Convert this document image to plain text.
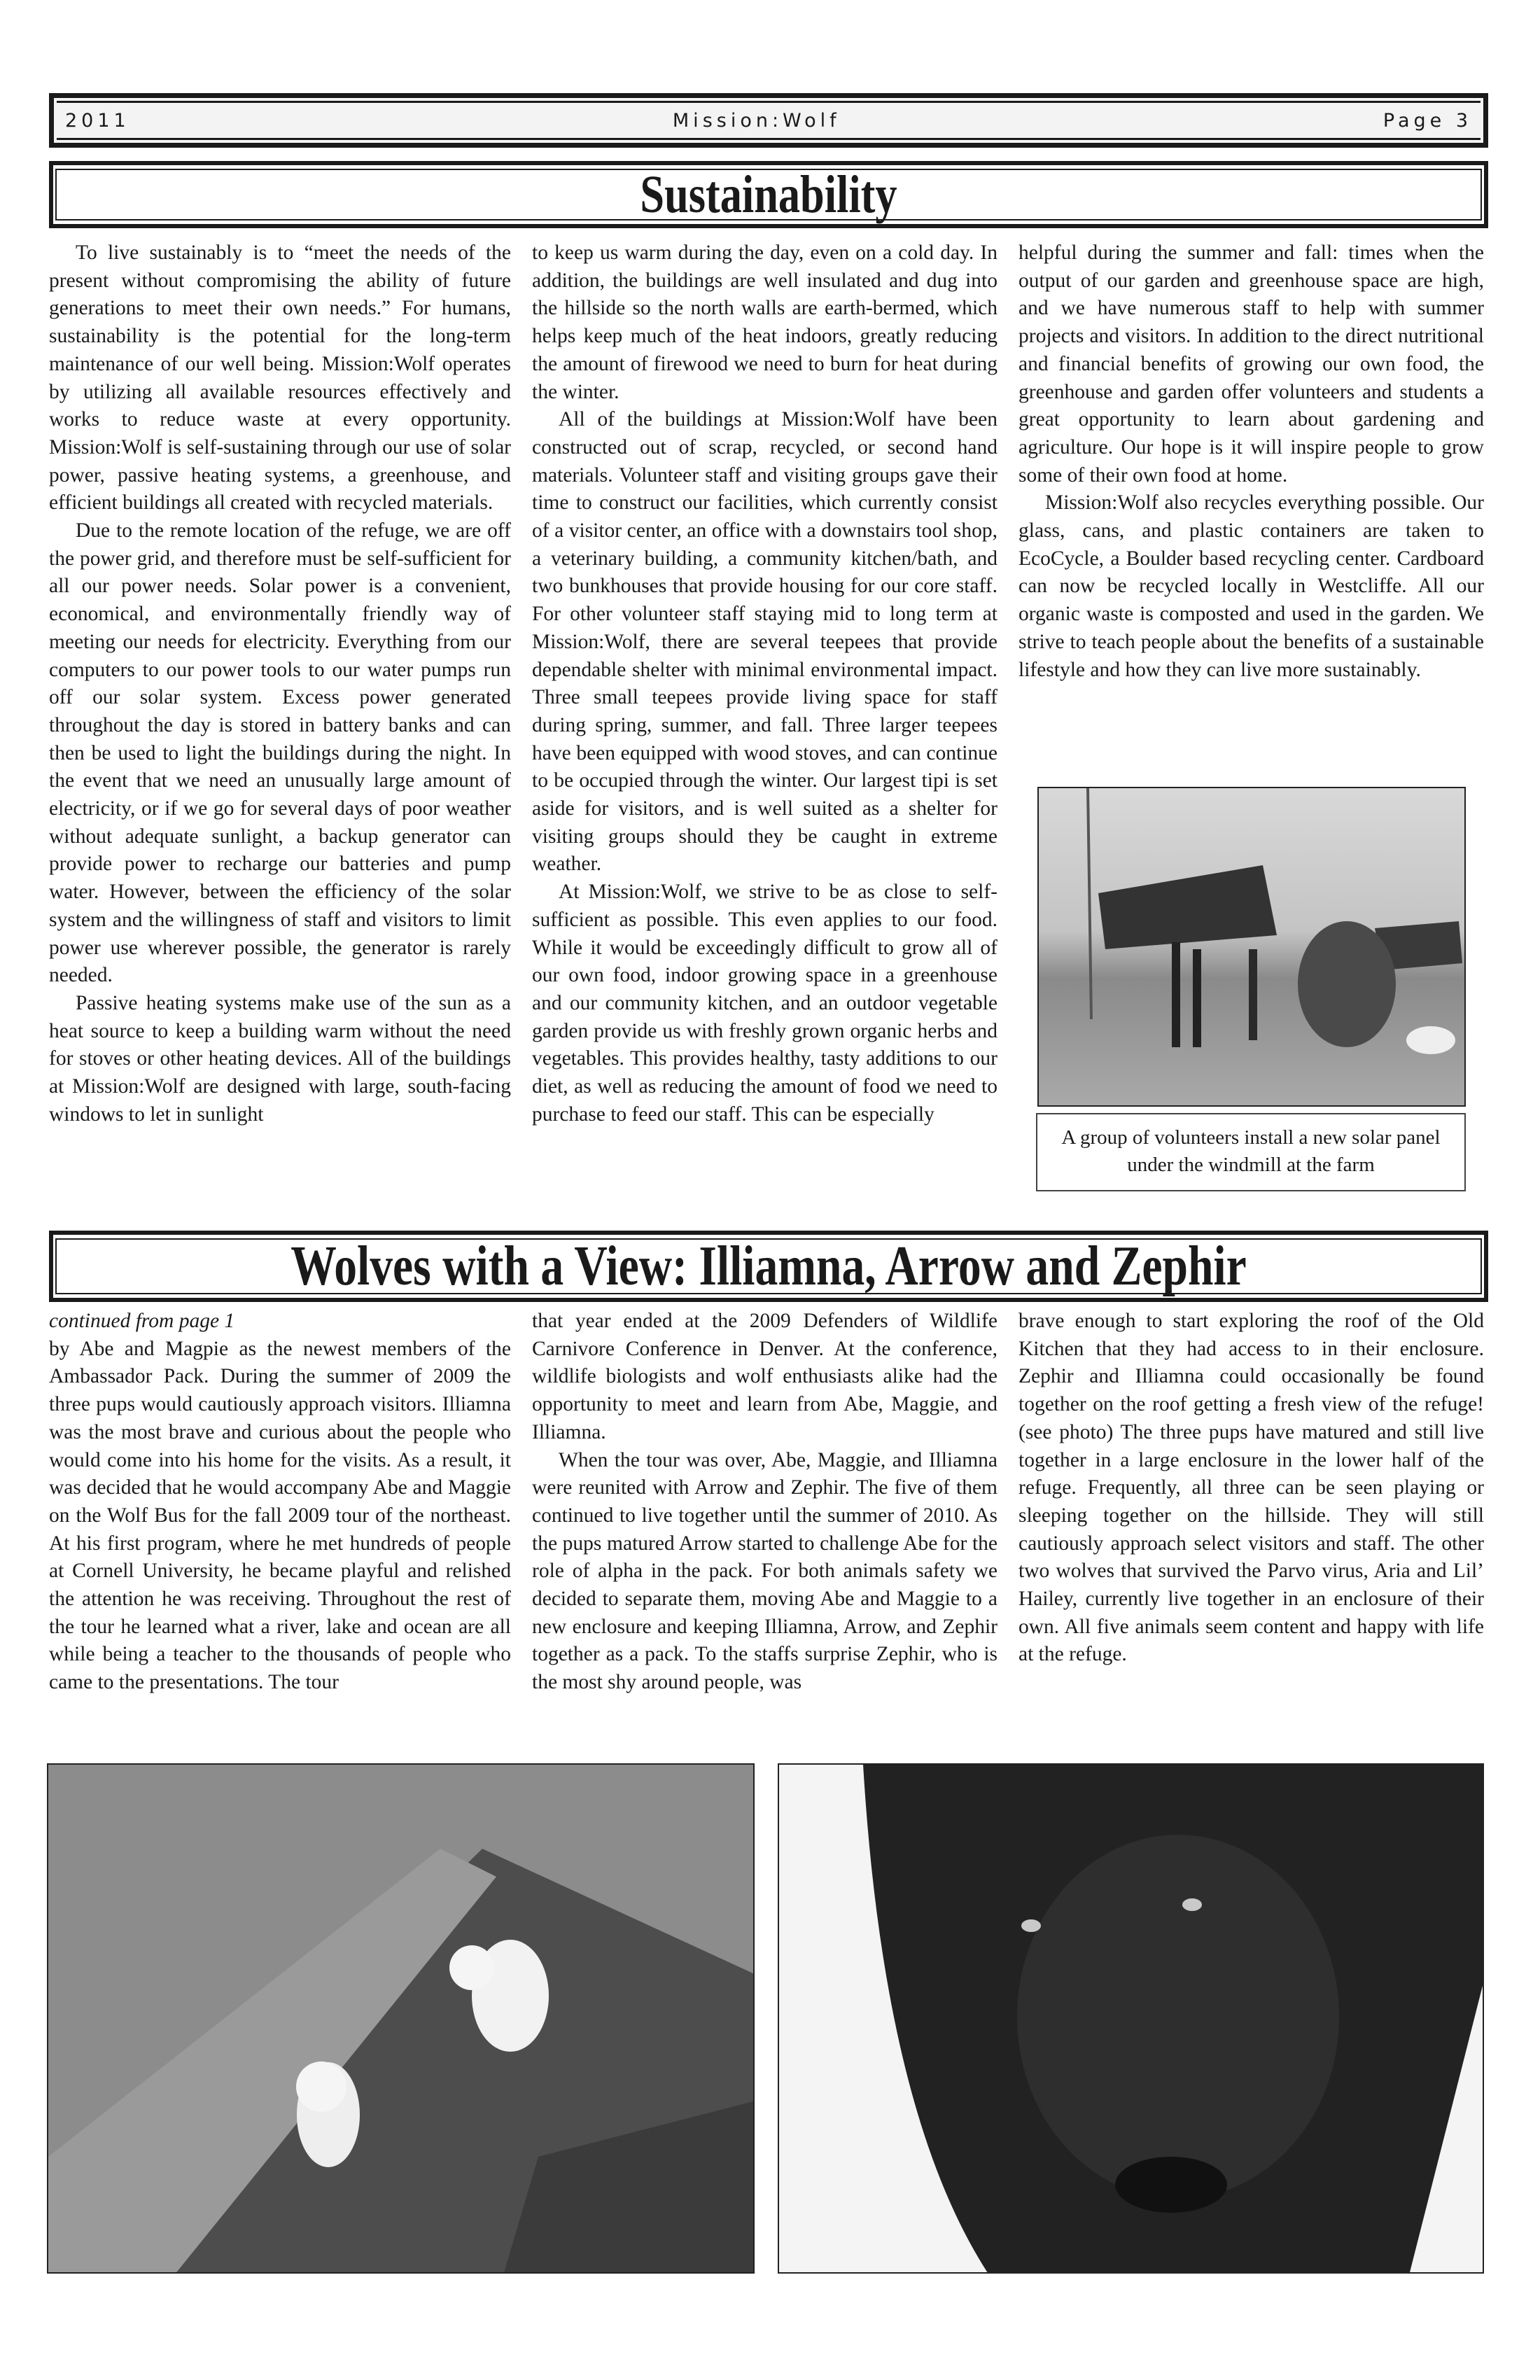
2011	Mission:Wolf	Page 3
Sustainability

To live sustainably is to “meet the needs of the present without compromising the ability of future generations to meet their own needs.” For humans, sustainability is the potential for the long-term maintenance of our well being. Mission:Wolf operates by utilizing all available resources effectively and works to reduce waste at every opportunity. Mission:Wolf is self-sustaining through our use of solar power, passive heating systems, a greenhouse, and efficient buildings all created with recycled materials.

Due to the remote location of the refuge, we are off the power grid, and therefore must be self-sufficient for all our power needs. Solar power is a convenient, economical, and environmentally friendly way of meeting our needs for electricity. Everything from our computers to our power tools to our water pumps run off our solar system. Excess power generated throughout the day is stored in battery banks and can then be used to light the buildings during the night. In the event that we need an unusually large amount of electricity, or if we go for several days of poor weather without adequate sunlight, a backup generator can provide power to recharge our batteries and pump water. However, between the efficiency of the solar system and the willingness of staff and visitors to limit power use wherever possible, the generator is rarely needed.

Passive heating systems make use of the sun as a heat source to keep a building warm without the need for stoves or other heating devices. All of the buildings at Mission:Wolf are designed with large, south-facing windows to let in sunlight

to keep us warm during the day, even on a cold day. In addition, the buildings are well insulated and dug into the hillside so the north walls are earth-bermed, which helps keep much of the heat indoors, greatly reducing the amount of firewood we need to burn for heat during the winter.

All of the buildings at Mission:Wolf have been constructed out of scrap, recycled, or second hand materials. Volunteer staff and visiting groups gave their time to construct our facilities, which currently consist of a visitor center, an office with a downstairs tool shop, a veterinary building, a community kitchen/bath, and two bunkhouses that provide housing for our core staff. For other volunteer staff staying mid to long term at Mission:Wolf, there are several teepees that provide dependable shelter with minimal environmental impact. Three small teepees provide living space for staff during spring, summer, and fall. Three larger teepees have been equipped with wood stoves, and can continue to be occupied through the winter. Our largest tipi is set aside for visitors, and is well suited as a shelter for visiting groups should they be caught in extreme weather.

At Mission:Wolf, we strive to be as close to self-sufficient as possible. This even applies to our food. While it would be exceedingly difficult to grow all of our own food, indoor growing space in a greenhouse and our community kitchen, and an outdoor vegetable garden provide us with freshly grown organic herbs and vegetables. This provides healthy, tasty additions to our diet, as well as reducing the amount of food we need to purchase to feed our staff. This can be especially

helpful during the summer and fall: times when the output of our garden and greenhouse space are high, and we have numerous staff to help with summer projects and visitors. In addition to the direct nutritional and financial benefits of growing our own food, the greenhouse and garden offer volunteers and students a great opportunity to learn about gardening and agriculture. Our hope is it will inspire people to grow some of their own food at home.

Mission:Wolf also recycles everything possible. Our glass, cans, and plastic containers are taken to EcoCycle, a Boulder based recycling center. Cardboard can now be recycled locally in Westcliffe. All our organic waste is composted and used in the garden. We strive to teach people about the benefits of a sustainable lifestyle and how they can live more sustainably.

A group of volunteers install a new solar panel under the windmill at the farm
Wolves with a View: Illiamna, Arrow and Zephir

continued from page 1

by Abe and Magpie as the newest members of the Ambassador Pack. During the summer of 2009 the three pups would cautiously approach visitors. Illiamna was the most brave and curious about the people who would come into his home for the visits. As a result, it was decided that he would accompany Abe and Maggie on the Wolf Bus for the fall 2009 tour of the northeast. At his first program, where he met hundreds of people at Cornell University, he became playful and relished the attention he was receiving. Throughout the rest of the tour he learned what a river, lake and ocean are all while being a teacher to the thousands of people who came to the presentations. The tour

that year ended at the 2009 Defenders of Wildlife Carnivore Conference in Denver. At the conference, wildlife biologists and wolf enthusiasts alike had the opportunity to meet and learn from Abe, Maggie, and Illiamna.

When the tour was over, Abe, Maggie, and Illiamna were reunited with Arrow and Zephir. The five of them continued to live together until the summer of 2010. As the pups matured Arrow started to challenge Abe for the role of alpha in the pack. For both animals safety we decided to separate them, moving Abe and Maggie to a new enclosure and keeping Illiamna, Arrow, and Zephir together as a pack. To the staffs surprise Zephir, who is the most shy around people, was

brave enough to start exploring the roof of the Old Kitchen that they had access to in their enclosure. Zephir and Illiamna could occasionally be found together on the roof getting a fresh view of the refuge! (see photo) The three pups have matured and still live together in a large enclosure in the lower half of the refuge. Frequently, all three can be seen playing or sleeping together on the hillside. They will still cautiously approach select visitors and staff. The other two wolves that survived the Parvo virus, Aria and Lil’ Hailey, currently live together in an enclosure of their own. All five animals seem content and happy with life at the refuge.
